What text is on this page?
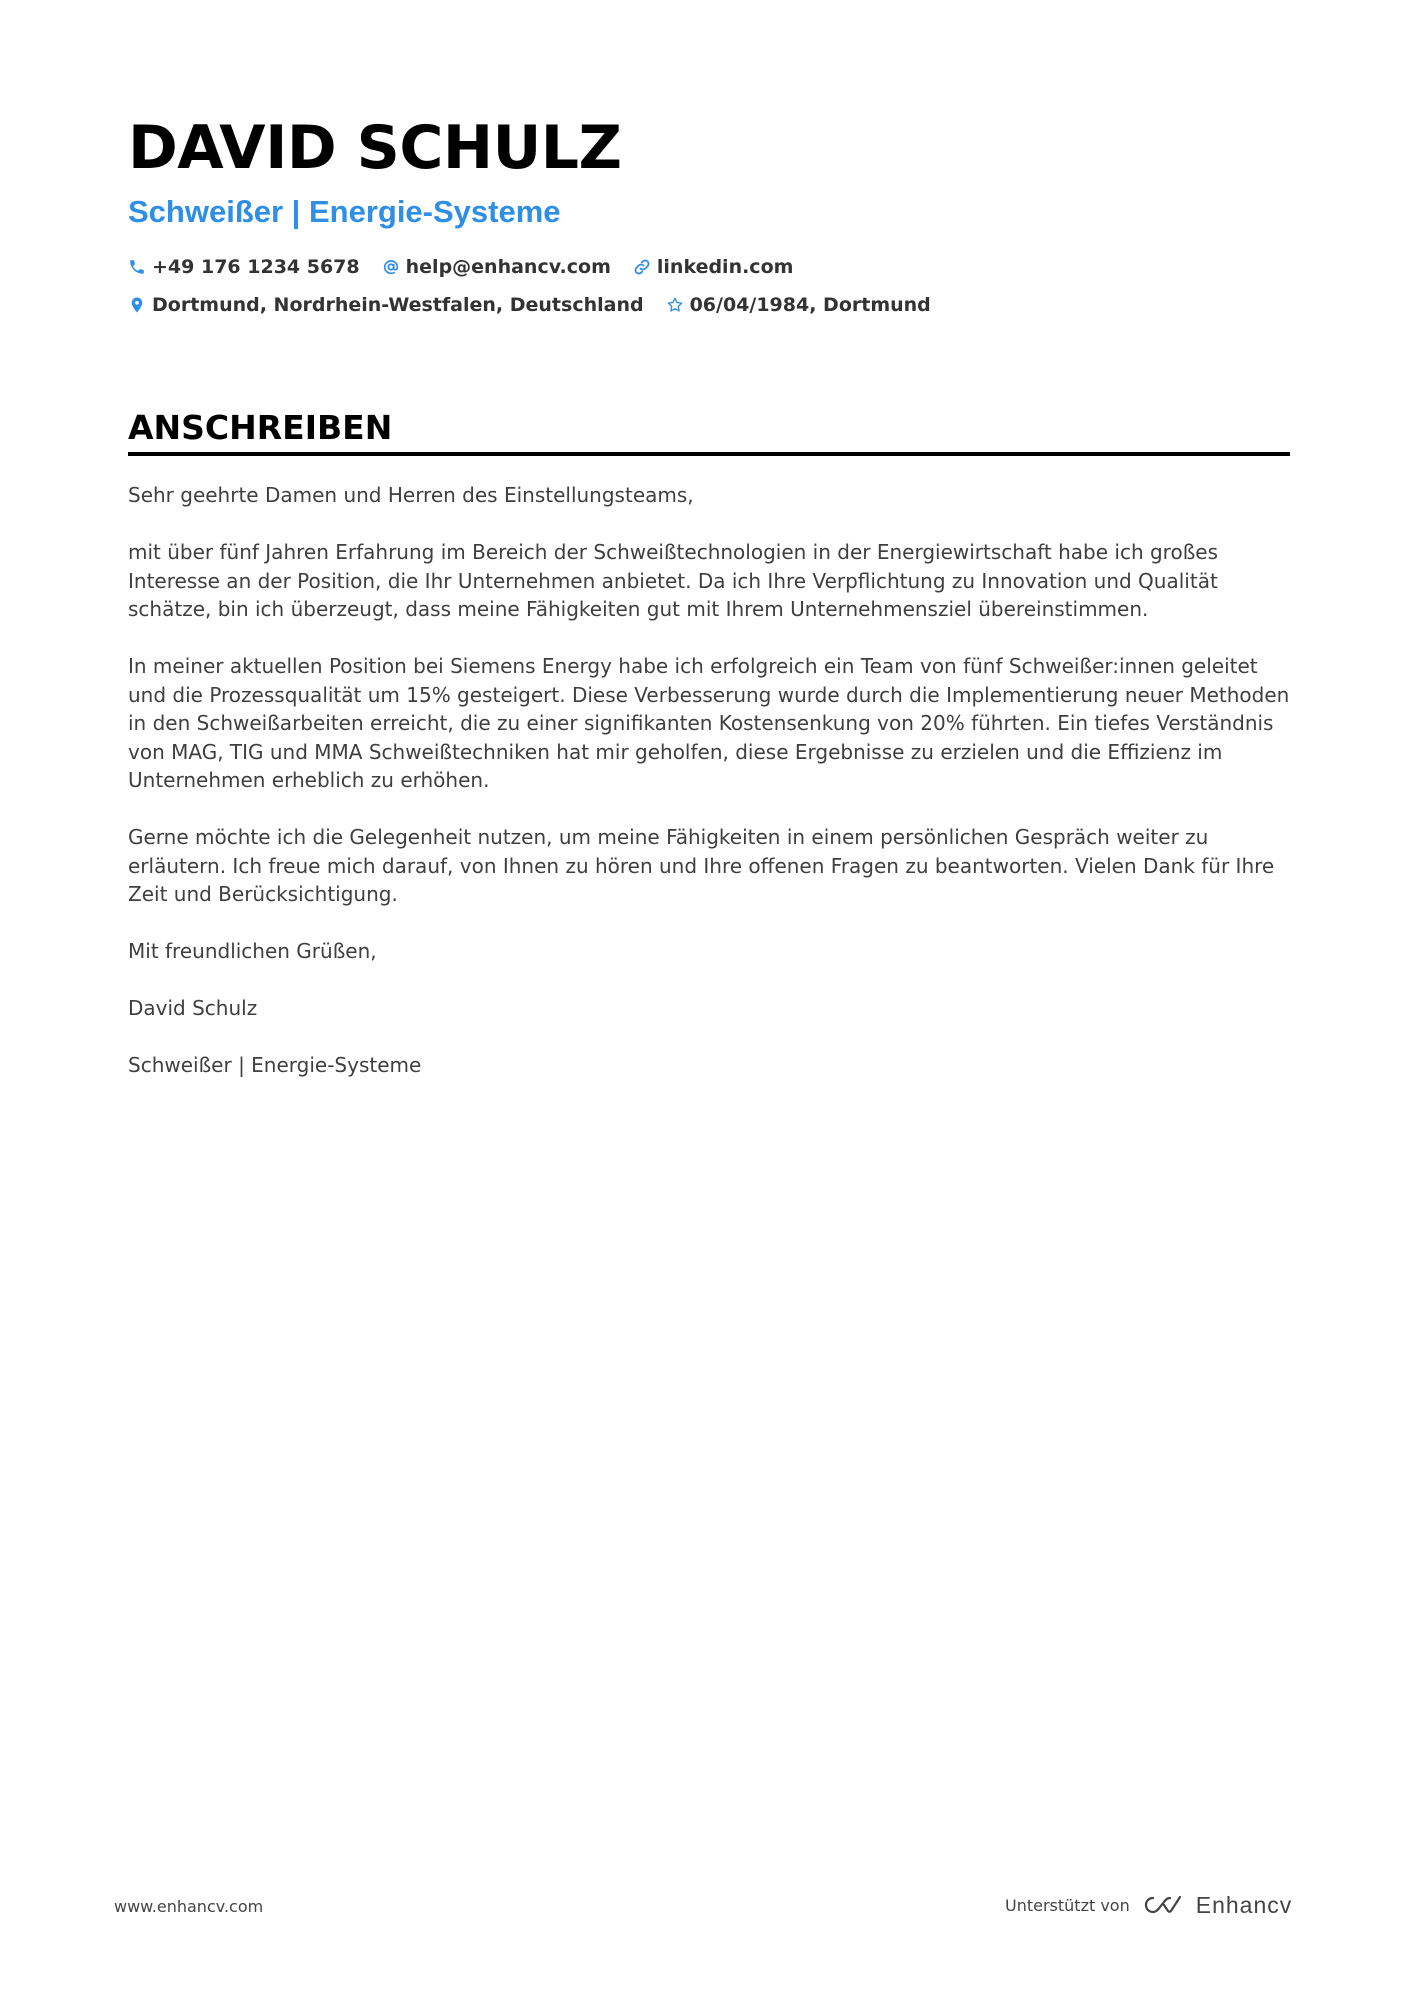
DAVID SCHULZ
Schweißer | Energie-Systeme
+49 176 1234 5678 help@enhancv.com linkedin.com
Dortmund, Nordrhein-Westfalen, Deutschland 06/04/1984, Dortmund
ANSCHREIBEN

Sehr geehrte Damen und Herren des Einstellungsteams,

mit über fünf Jahren Erfahrung im Bereich der Schweißtechnologien in der Energiewirtschaft habe ich großes Interesse an der Position, die Ihr Unternehmen anbietet. Da ich Ihre Verpflichtung zu Innovation und Qualität schätze, bin ich überzeugt, dass meine Fähigkeiten gut mit Ihrem Unternehmensziel übereinstimmen.

In meiner aktuellen Position bei Siemens Energy habe ich erfolgreich ein Team von fünf Schweißer:innen geleitet und die Prozessqualität um 15% gesteigert. Diese Verbesserung wurde durch die Implementierung neuer Methoden in den Schweißarbeiten erreicht, die zu einer signifikanten Kostensenkung von 20% führten. Ein tiefes Verständnis von MAG, TIG und MMA Schweißtechniken hat mir geholfen, diese Ergebnisse zu erzielen und die Effizienz im Unternehmen erheblich zu erhöhen.

Gerne möchte ich die Gelegenheit nutzen, um meine Fähigkeiten in einem persönlichen Gespräch weiter zu erläutern. Ich freue mich darauf, von Ihnen zu hören und Ihre offenen Fragen zu beantworten. Vielen Dank für Ihre Zeit und Berücksichtigung.

Mit freundlichen Grüßen,

David Schulz

Schweißer | Energie-Systeme

www.enhancv.com	Unterstützt von	Enhancv
